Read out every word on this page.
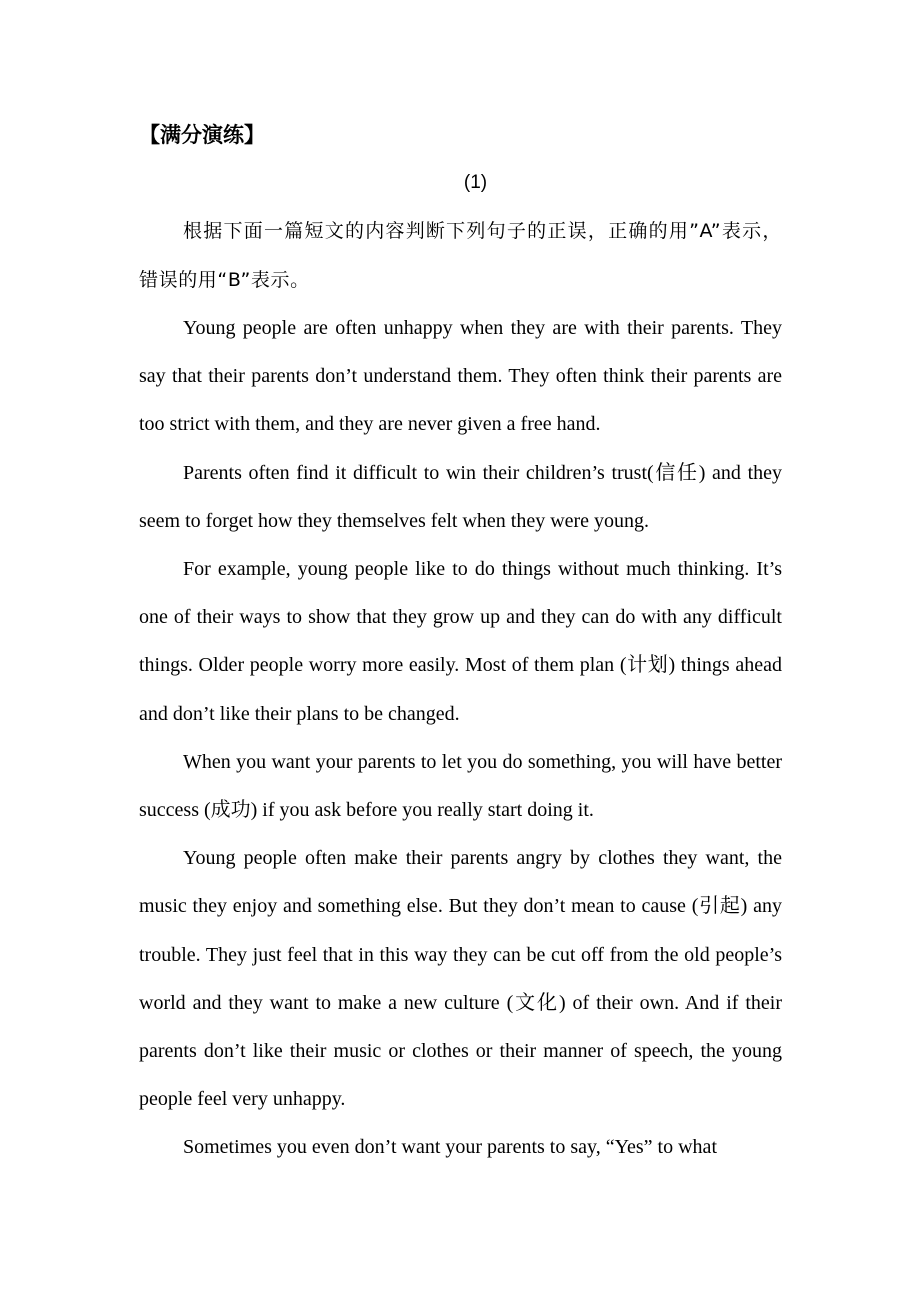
【满分演练】

(1)

根据下面一篇短文的内容判断下列句子的正误，正确的用”A”表示，错误的用“B”表示。

Young people are often unhappy when they are with their parents. They say that their parents don’t understand them. They often think their parents are too strict with them, and they are never given a free hand.

Parents often find it difficult to win their children’s trust(信任) and they seem to forget how they themselves felt when they were young.

For example, young people like to do things without much thinking. It’s one of their ways to show that they grow up and they can do with any difficult things. Older people worry more easily. Most of them plan (计划) things ahead and don’t like their plans to be changed.

When you want your parents to let you do something, you will have better success (成功) if you ask before you really start doing it.

Young people often make their parents angry by clothes they want, the music they enjoy and something else. But they don’t mean to cause (引起) any trouble. They just feel that in this way they can be cut off from the old people’s world and they want to make a new culture (文化) of their own. And if their parents don’t like their music or clothes or their manner of speech, the young people feel very unhappy.

Sometimes you even don’t want your parents to say, “Yes” to what
